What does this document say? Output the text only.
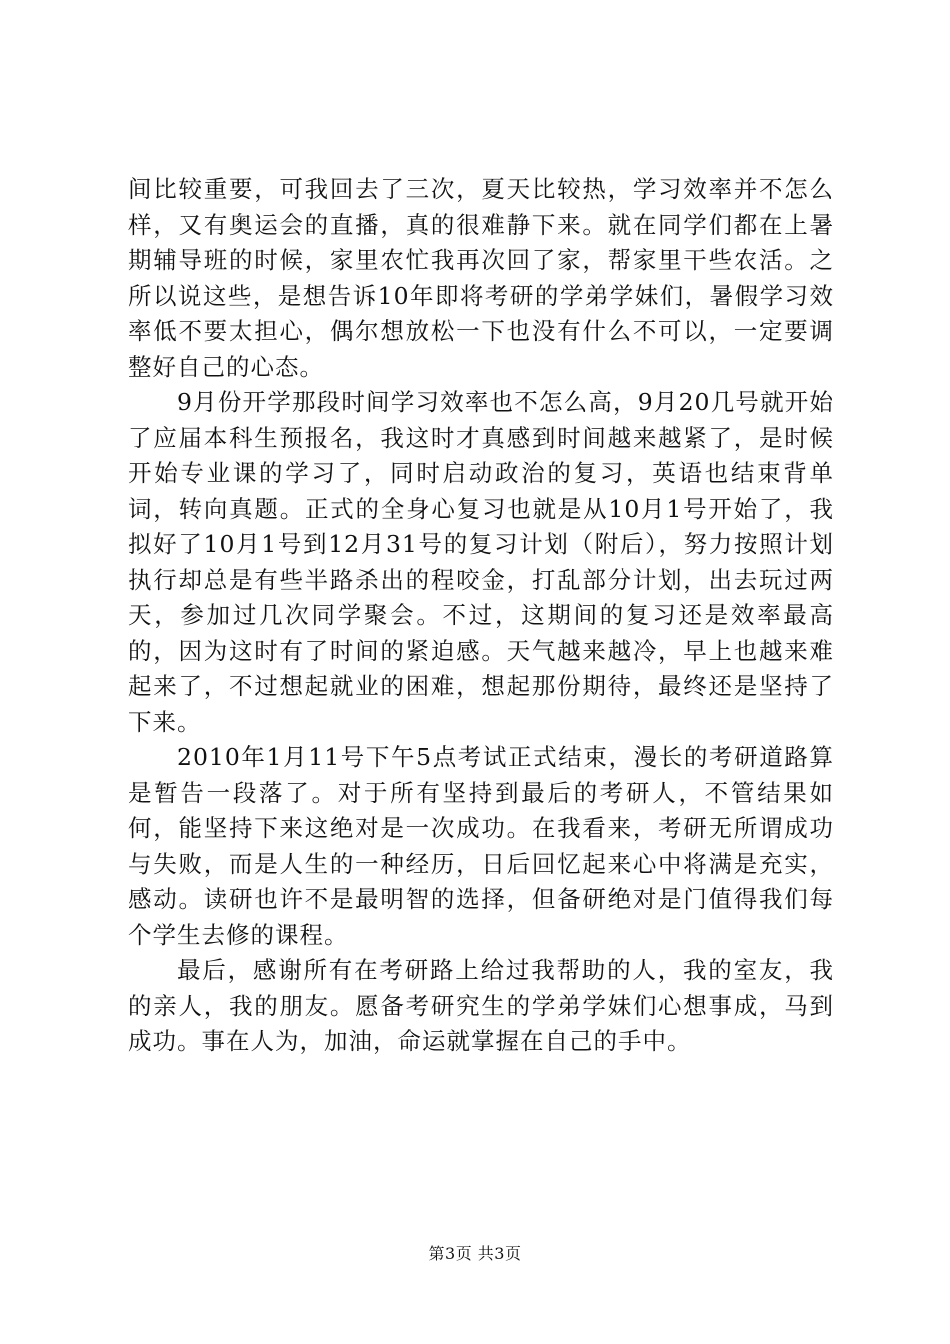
间比较重要，可我回去了三次，夏天比较热，学习效率并不怎么样，又有奥运会的直播，真的很难静下来。就在同学们都在上暑期辅导班的时候，家里农忙我再次回了家，帮家里干些农活。之所以说这些，是想告诉10年即将考研的学弟学妹们，暑假学习效率低不要太担心，偶尔想放松一下也没有什么不可以，一定要调整好自己的心态。

9月份开学那段时间学习效率也不怎么高，9月20几号就开始了应届本科生预报名，我这时才真感到时间越来越紧了，是时候开始专业课的学习了，同时启动政治的复习，英语也结束背单词，转向真题。正式的全身心复习也就是从10月1号开始了，我拟好了10月1号到12月31号的复习计划（附后），努力按照计划执行却总是有些半路杀出的程咬金，打乱部分计划，出去玩过两天，参加过几次同学聚会。不过，这期间的复习还是效率最高的，因为这时有了时间的紧迫感。天气越来越冷，早上也越来难起来了，不过想起就业的困难，想起那份期待，最终还是坚持了下来。

2010年1月11号下午5点考试正式结束，漫长的考研道路算是暂告一段落了。对于所有坚持到最后的考研人，不管结果如何，能坚持下来这绝对是一次成功。在我看来，考研无所谓成功与失败，而是人生的一种经历，日后回忆起来心中将满是充实，感动。读研也许不是最明智的选择，但备研绝对是门值得我们每个学生去修的课程。

最后，感谢所有在考研路上给过我帮助的人，我的室友，我的亲人，我的朋友。愿备考研究生的学弟学妹们心想事成，马到成功。事在人为，加油，命运就掌握在自己的手中。

第3页 共3页
